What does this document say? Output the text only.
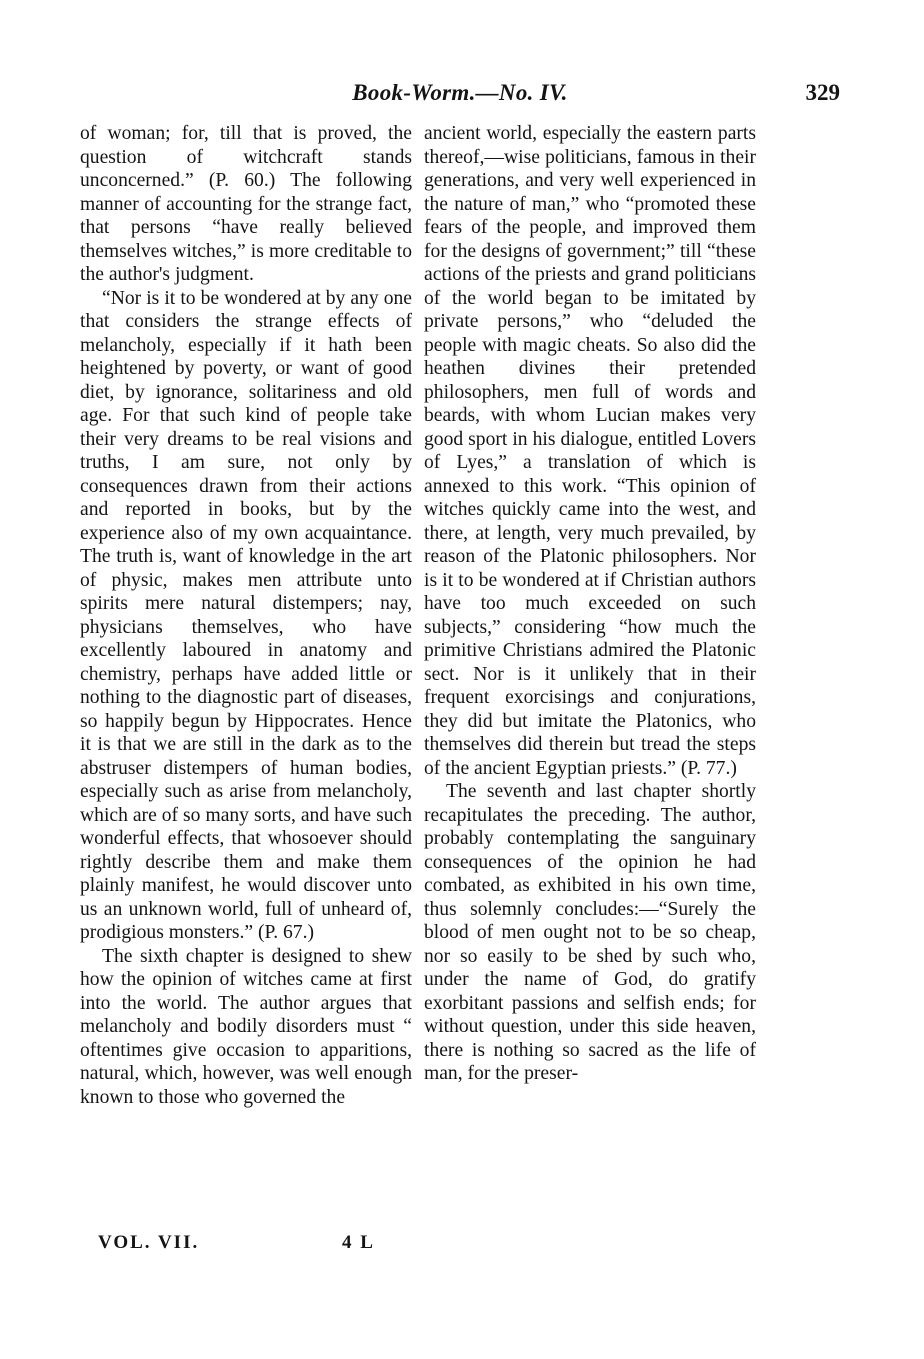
Book-Worm.—No. IV.	329

of woman; for, till that is proved, the question of witchcraft stands unconcerned.” (P. 60.) The following manner of accounting for the strange fact, that persons “have really believed themselves witches,” is more creditable to the author's judgment.

“Nor is it to be wondered at by any one that considers the strange effects of melancholy, especially if it hath been heightened by poverty, or want of good diet, by ignorance, solitariness and old age. For that such kind of people take their very dreams to be real visions and truths, I am sure, not only by consequences drawn from their actions and reported in books, but by the experience also of my own acquaintance. The truth is, want of knowledge in the art of physic, makes men attribute unto spirits mere natural distempers; nay, physicians themselves, who have excellently laboured in anatomy and chemistry, perhaps have added little or nothing to the diagnostic part of diseases, so happily begun by Hippocrates. Hence it is that we are still in the dark as to the abstruser distempers of human bodies, especially such as arise from melancholy, which are of so many sorts, and have such wonderful effects, that whosoever should rightly describe them and make them plainly manifest, he would discover unto us an unknown world, full of unheard of, prodigious monsters.” (P. 67.)

The sixth chapter is designed to shew how the opinion of witches came at first into the world. The author argues that melancholy and bodily disorders must “ oftentimes give occasion to apparitions, natural, which, however, was well enough known to those who governed the

ancient world, especially the eastern parts thereof,—wise politicians, famous in their generations, and very well experienced in the nature of man,” who “promoted these fears of the people, and improved them for the designs of government;” till “these actions of the priests and grand politicians of the world began to be imitated by private persons,” who “deluded the people with magic cheats. So also did the heathen divines their pretended philosophers, men full of words and beards, with whom Lucian makes very good sport in his dialogue, entitled Lovers of Lyes,” a translation of which is annexed to this work. “This opinion of witches quickly came into the west, and there, at length, very much prevailed, by reason of the Platonic philosophers. Nor is it to be wondered at if Christian authors have too much exceeded on such subjects,” considering “how much the primitive Christians admired the Platonic sect. Nor is it unlikely that in their frequent exorcisings and conjurations, they did but imitate the Platonics, who themselves did therein but tread the steps of the ancient Egyptian priests.” (P. 77.)

The seventh and last chapter shortly recapitulates the preceding. The author, probably contemplating the sanguinary consequences of the opinion he had combated, as exhibited in his own time, thus solemnly concludes:—“Surely the blood of men ought not to be so cheap, nor so easily to be shed by such who, under the name of God, do gratify exorbitant passions and selfish ends; for without question, under this side heaven, there is nothing so sacred as the life of man, for the preser-

VOL. VII.	4 L
